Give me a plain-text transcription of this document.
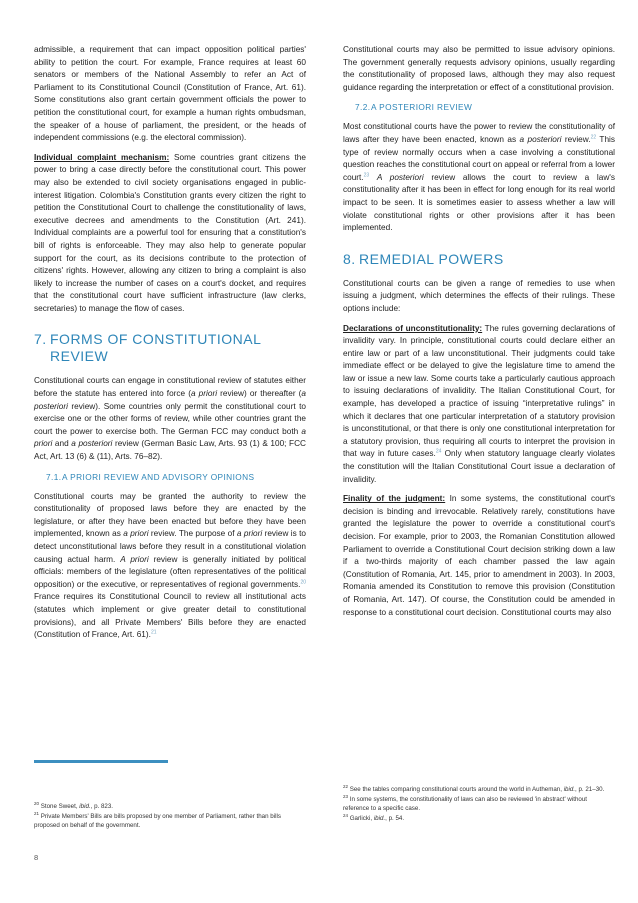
admissible, a requirement that can impact opposition political parties' ability to petition the court. For example, France requires at least 60 senators or members of the National Assembly to refer an Act of Parliament to its Constitutional Council (Constitution of France, Art. 61). Some constitutions also grant certain government officials the power to petition the constitutional court, for example a human rights ombudsman, the speaker of a house of parliament, the president, or the heads of independent commissions (e.g. the electoral commission).

Individual complaint mechanism: Some countries grant citizens the power to bring a case directly before the constitutional court. This power may also be extended to civil society organisations engaged in public-interest litigation. Colombia's Constitution grants every citizen the right to petition the Constitutional Court to challenge the constitutionality of laws, executive decrees and amendments to the Constitution (Art. 241). Individual complaints are a powerful tool for ensuring that a constitution's bill of rights is enforceable. They may also help to generate popular support for the court, as its decisions contribute to the protection of citizens' rights. However, allowing any citizen to bring a complaint is also likely to increase the number of cases on a court's docket, and requires that the constitutional court have sufficient infrastructure (law clerks, secretaries) to manage the flow of cases.

7. FORMS OF CONSTITUTIONAL
REVIEW

Constitutional courts can engage in constitutional review of statutes either before the statute has entered into force (a priori review) or thereafter (a posteriori review). Some countries only permit the constitutional court to exercise one or the other forms of review, while other countries grant the court the power to exercise both. The German FCC may conduct both a priori and a posteriori review (German Basic Law, Arts. 93 (1) & 100; FCC Act, Art. 13 (6) & (11), Arts. 76–82).

7.1.A PRIORI REVIEW AND ADVISORY OPINIONS

Constitutional courts may be granted the authority to review the constitutionality of proposed laws before they are enacted by the legislature, or after they have been enacted but before they have been implemented, known as a priori review. The purpose of a priori review is to detect unconstitutional laws before they result in a constitutional violation causing actual harm. A priori review is generally initiated by political officials: members of the legislature (often representatives of the political opposition) or the executive, or representatives of regional governments.$^{20}$ France requires its Constitutional Council to review all institutional acts (statutes which implement or give greater detail to constitutional provisions), and all Private Members' Bills before they are enacted (Constitution of France, Art. 61).$^{21}$

Constitutional courts may also be permitted to issue advisory opinions. The government generally requests advisory opinions, usually regarding the constitutionality of proposed laws, although they may also request guidance regarding the interpretation or effect of a constitutional provision.

7.2.A POSTERIORI REVIEW

Most constitutional courts have the power to review the constitutionality of laws after they have been enacted, known as a posteriori review.$^{22}$ This type of review normally occurs when a case involving a constitutional question reaches the constitutional court on appeal or referral from a lower court.$^{23}$ A posteriori review allows the court to review a law's constitutionality after it has been in effect for long enough for its real world impact to be seen. It is sometimes easier to assess whether a law will violate constitutional rights or other provisions after it has been implemented.

8. REMEDIAL POWERS

Constitutional courts can be given a range of remedies to use when issuing a judgment, which determines the effects of their rulings. These options include:

Declarations of unconstitutionality: The rules governing declarations of invalidity vary. In principle, constitutional courts could declare either an entire law or part of a law unconstitutional. Their judgments could take immediate effect or be delayed to give the legislature time to amend the law or issue a new law. Some courts take a particularly cautious approach to issuing declarations of invalidity. The Italian Constitutional Court, for example, has developed a practice of issuing “interpretative rulings” in which it declares that one particular interpretation of a statutory provision is unconstitutional, or that there is only one constitutional interpretation for a statutory provision, thus requiring all courts to interpret the provision in that way in future cases.$^{24}$ Only when statutory language clearly violates the constitution will the Italian Constitutional Court issue a declaration of invalidity.

Finality of the judgment: In some systems, the constitutional court's decision is binding and irrevocable. Relatively rarely, constitutions have granted the legislature the power to override a constitutional court's decision. For example, prior to 2003, the Romanian Constitution allowed Parliament to override a Constitutional Court decision striking down a law if a two-thirds majority of each chamber passed the law again (Constitution of Romania, Art. 145, prior to amendment in 2003). In 2003, Romania amended its Constitution to remove this provision (Constitution of Romania, Art. 147). Of course, the Constitution could be amended in response to a constitutional court decision. Constitutional courts may also

$^{20}$ Stone Sweet, ibid., p. 823.
$^{21}$ Private Members' Bills are bills proposed by one member of Parliament, rather than bills proposed on behalf of the government.
$^{22}$ See the tables comparing constitutional courts around the world in Autheman, ibid., p. 21–30.
$^{23}$ In some systems, the constitutionality of laws can also be reviewed 'in abstract' without reference to a specific case.
$^{24}$ Garlicki, ibid., p. 54.
8
